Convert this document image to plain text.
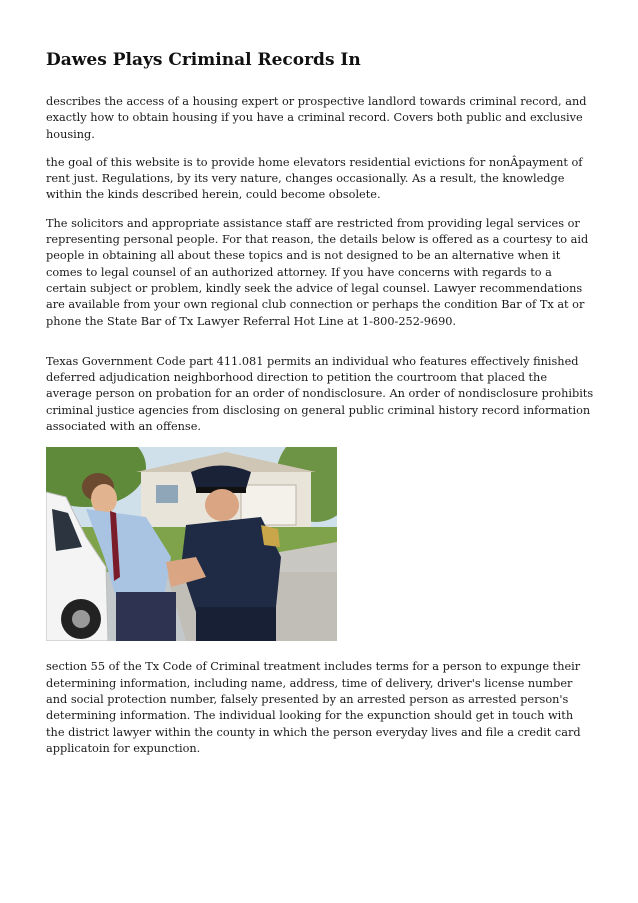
Dawes Plays Criminal Records In

describes the access of a housing expert or prospective landlord towards criminal record, and exactly how to obtain housing if you have a criminal record. Covers both public and exclusive housing.

the goal of this website is to provide home elevators residential evictions for nonÂpayment of rent just. Regulations, by its very nature, changes occasionally. As a result, the knowledge within the kinds described herein, could become obsolete.

The solicitors and appropriate assistance staff are restricted from providing legal services or representing personal people. For that reason, the details below is offered as a courtesy to aid people in obtaining all about these topics and is not designed to be an alternative when it comes to legal counsel of an authorized attorney. If you have concerns with regards to a certain subject or problem, kindly seek the advice of legal counsel. Lawyer recommendations are available from your own regional club connection or perhaps the condition Bar of Tx at or phone the State Bar of Tx Lawyer Referral Hot Line at 1-800-252-9690.

Texas Government Code part 411.081 permits an individual who features effectively finished deferred adjudication neighborhood direction to petition the courtroom that placed the average person on probation for an order of nondisclosure. An order of nondisclosure prohibits criminal justice agencies from disclosing on general public criminal history record information associated with an offense.

section 55 of the Tx Code of Criminal treatment includes terms for a person to expunge their determining information, including name, address, time of delivery, driver's license number and social protection number, falsely presented by an arrested person as arrested person's determining information. The individual looking for the expunction should get in touch with the district lawyer within the county in which the person everyday lives and file a credit card applicatoin for expunction.
